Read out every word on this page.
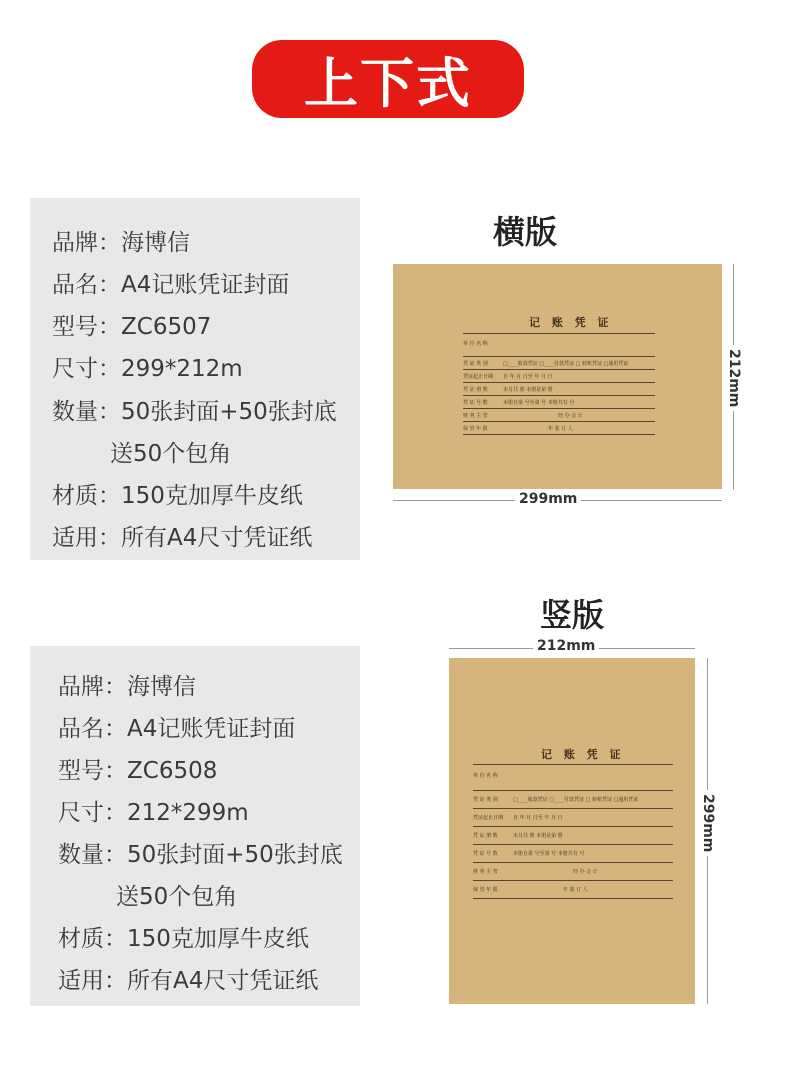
上下式
品牌：海博信
品名：A4记账凭证封面
型号：ZC6507
尺寸：299*212m
数量：50张封面+50张封底
送50个包角
材质：150克加厚牛皮纸
适用：所有A4尺寸凭证纸
品牌：海博信
品名：A4记账凭证封面
型号：ZC6508
尺寸：212*299m
数量：50张封面+50张封底
送50个包角
材质：150克加厚牛皮纸
适用：所有A4尺寸凭证纸
横版
记 账 凭 证
单 位 名 称
凭 证 类 别	□____收款凭证 □____付款凭证 □ 转账凭证 □通用凭证
凭证起止日期 自 年 月 日至 年 月 日
凭 证 册 数	本月共 册 本册是第 册
凭 证 号 数	本册自第 号至第 号 本册共有 号
财 务 主 管	经 办 会 计
保 管 年 限	年 装 订 人
299mm
212mm
竖版
212mm
记 账 凭 证
单 位 名 称
凭 证 类 别	□____收款凭证 □____付款凭证 □ 转账凭证 □通用凭证
凭证起止日期 自 年 月 日至 年 月 日
凭 证 册 数	本月共 册 本册是第 册
凭 证 号 数	本册自第 号至第 号 本册共有 号
财 务 主 管	经 办 会 计
保 管 年 限	年 装 订 人
299mm
